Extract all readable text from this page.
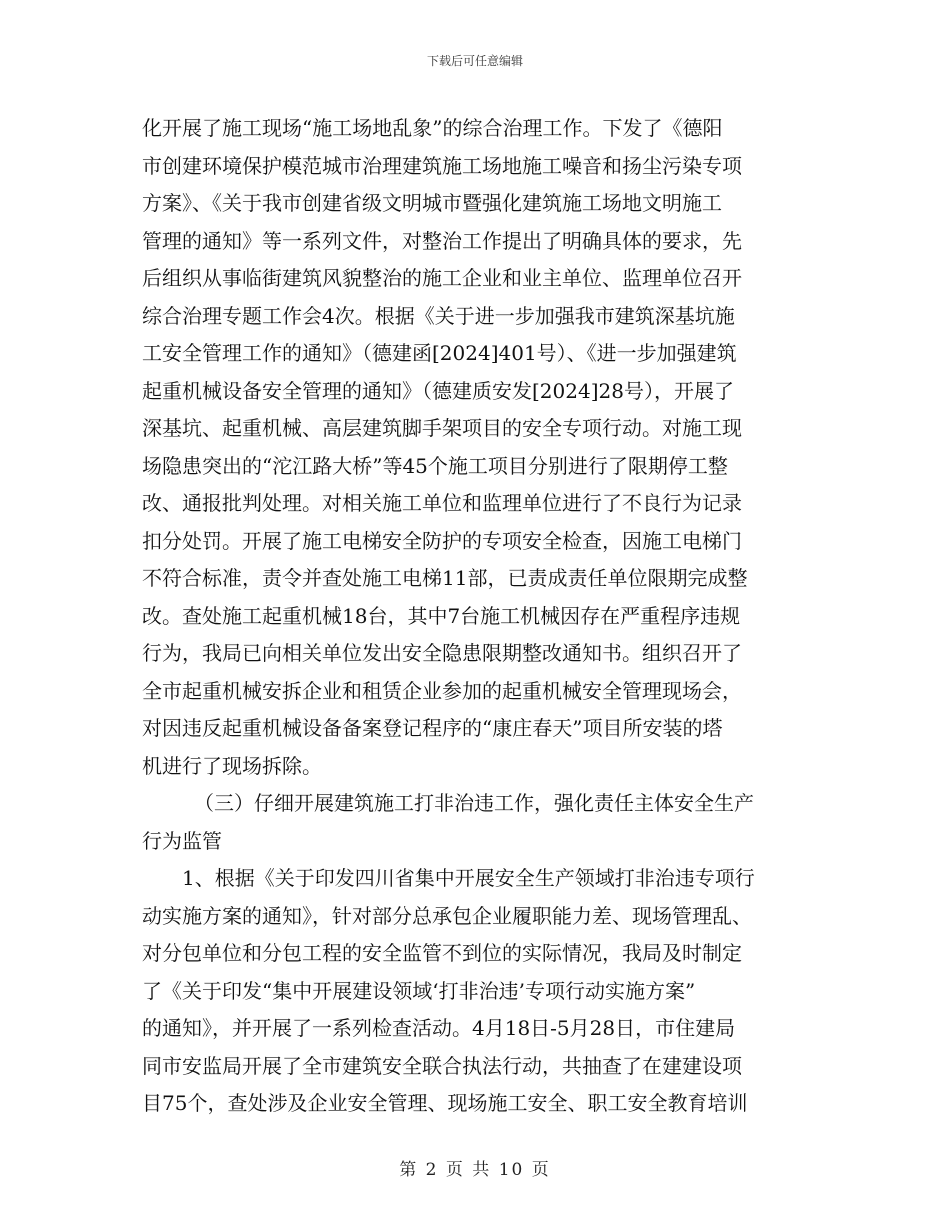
下载后可任意编辑
化开展了施工现场“施工场地乱象”的综合治理工作。下发了《德阳
市创建环境保护模范城市治理建筑施工场地施工噪音和扬尘污染专项
方案》、《关于我市创建省级文明城市暨强化建筑施工场地文明施工
管理的通知》等一系列文件，对整治工作提出了明确具体的要求，先
后组织从事临街建筑风貌整治的施工企业和业主单位、监理单位召开
综合治理专题工作会4次。根据《关于进一步加强我市建筑深基坑施
工安全管理工作的通知》（德建函[2024]401号）、《进一步加强建筑
起重机械设备安全管理的通知》（德建质安发[2024]28号），开展了
深基坑、起重机械、高层建筑脚手架项目的安全专项行动。对施工现
场隐患突出的“沱江路大桥”等45个施工项目分别进行了限期停工整
改、通报批判处理。对相关施工单位和监理单位进行了不良行为记录
扣分处罚。开展了施工电梯安全防护的专项安全检查，因施工电梯门
不符合标准，责令并查处施工电梯11部，已责成责任单位限期完成整
改。查处施工起重机械18台，其中7台施工机械因存在严重程序违规
行为，我局已向相关单位发出安全隐患限期整改通知书。组织召开了
全市起重机械安拆企业和租赁企业参加的起重机械安全管理现场会，
对因违反起重机械设备备案登记程序的“康庄春天”项目所安装的塔
机进行了现场拆除。
（三）仔细开展建筑施工打非治违工作，强化责任主体安全生产
行为监管
1、根据《关于印发四川省集中开展安全生产领域打非治违专项行
动实施方案的通知》，针对部分总承包企业履职能力差、现场管理乱、
对分包单位和分包工程的安全监管不到位的实际情况，我局及时制定
了《关于印发“集中开展建设领域‘打非治违’专项行动实施方案”
的通知》，并开展了一系列检查活动。4月18日-5月28日，市住建局
同市安监局开展了全市建筑安全联合执法行动，共抽查了在建建设项
目75个，查处涉及企业安全管理、现场施工安全、职工安全教育培训
第 2 页 共 10 页
